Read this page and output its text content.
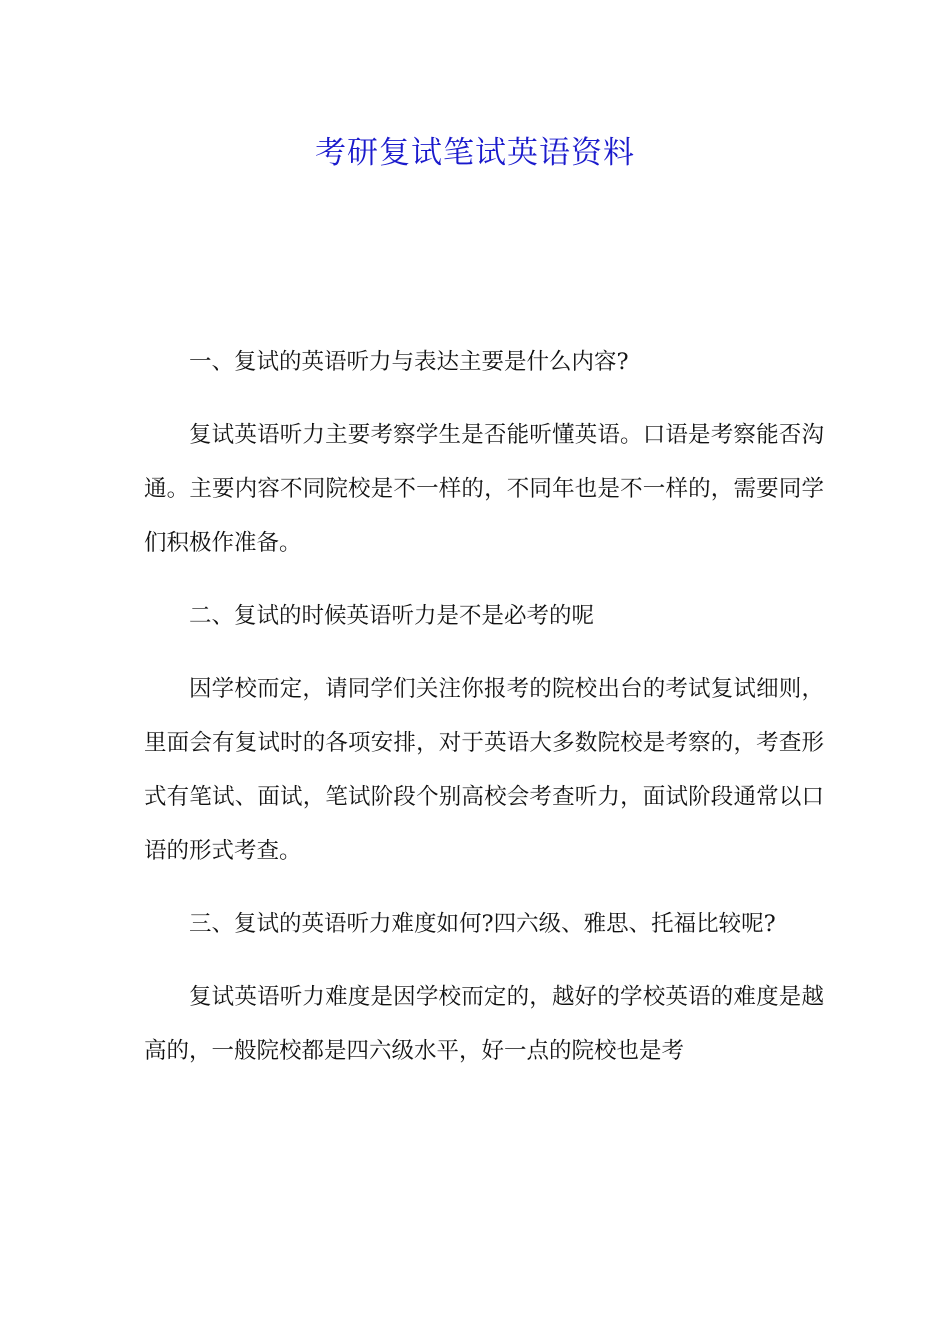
考研复试笔试英语资料

一、复试的英语听力与表达主要是什么内容?

复试英语听力主要考察学生是否能听懂英语。口语是考察能否沟通。主要内容不同院校是不一样的，不同年也是不一样的，需要同学们积极作准备。

二、复试的时候英语听力是不是必考的呢

因学校而定，请同学们关注你报考的院校出台的考试复试细则，里面会有复试时的各项安排，对于英语大多数院校是考察的，考查形式有笔试、面试，笔试阶段个别高校会考查听力，面试阶段通常以口语的形式考查。

三、复试的英语听力难度如何?四六级、雅思、托福比较呢?

复试英语听力难度是因学校而定的，越好的学校英语的难度是越高的，一般院校都是四六级水平，好一点的院校也是考
